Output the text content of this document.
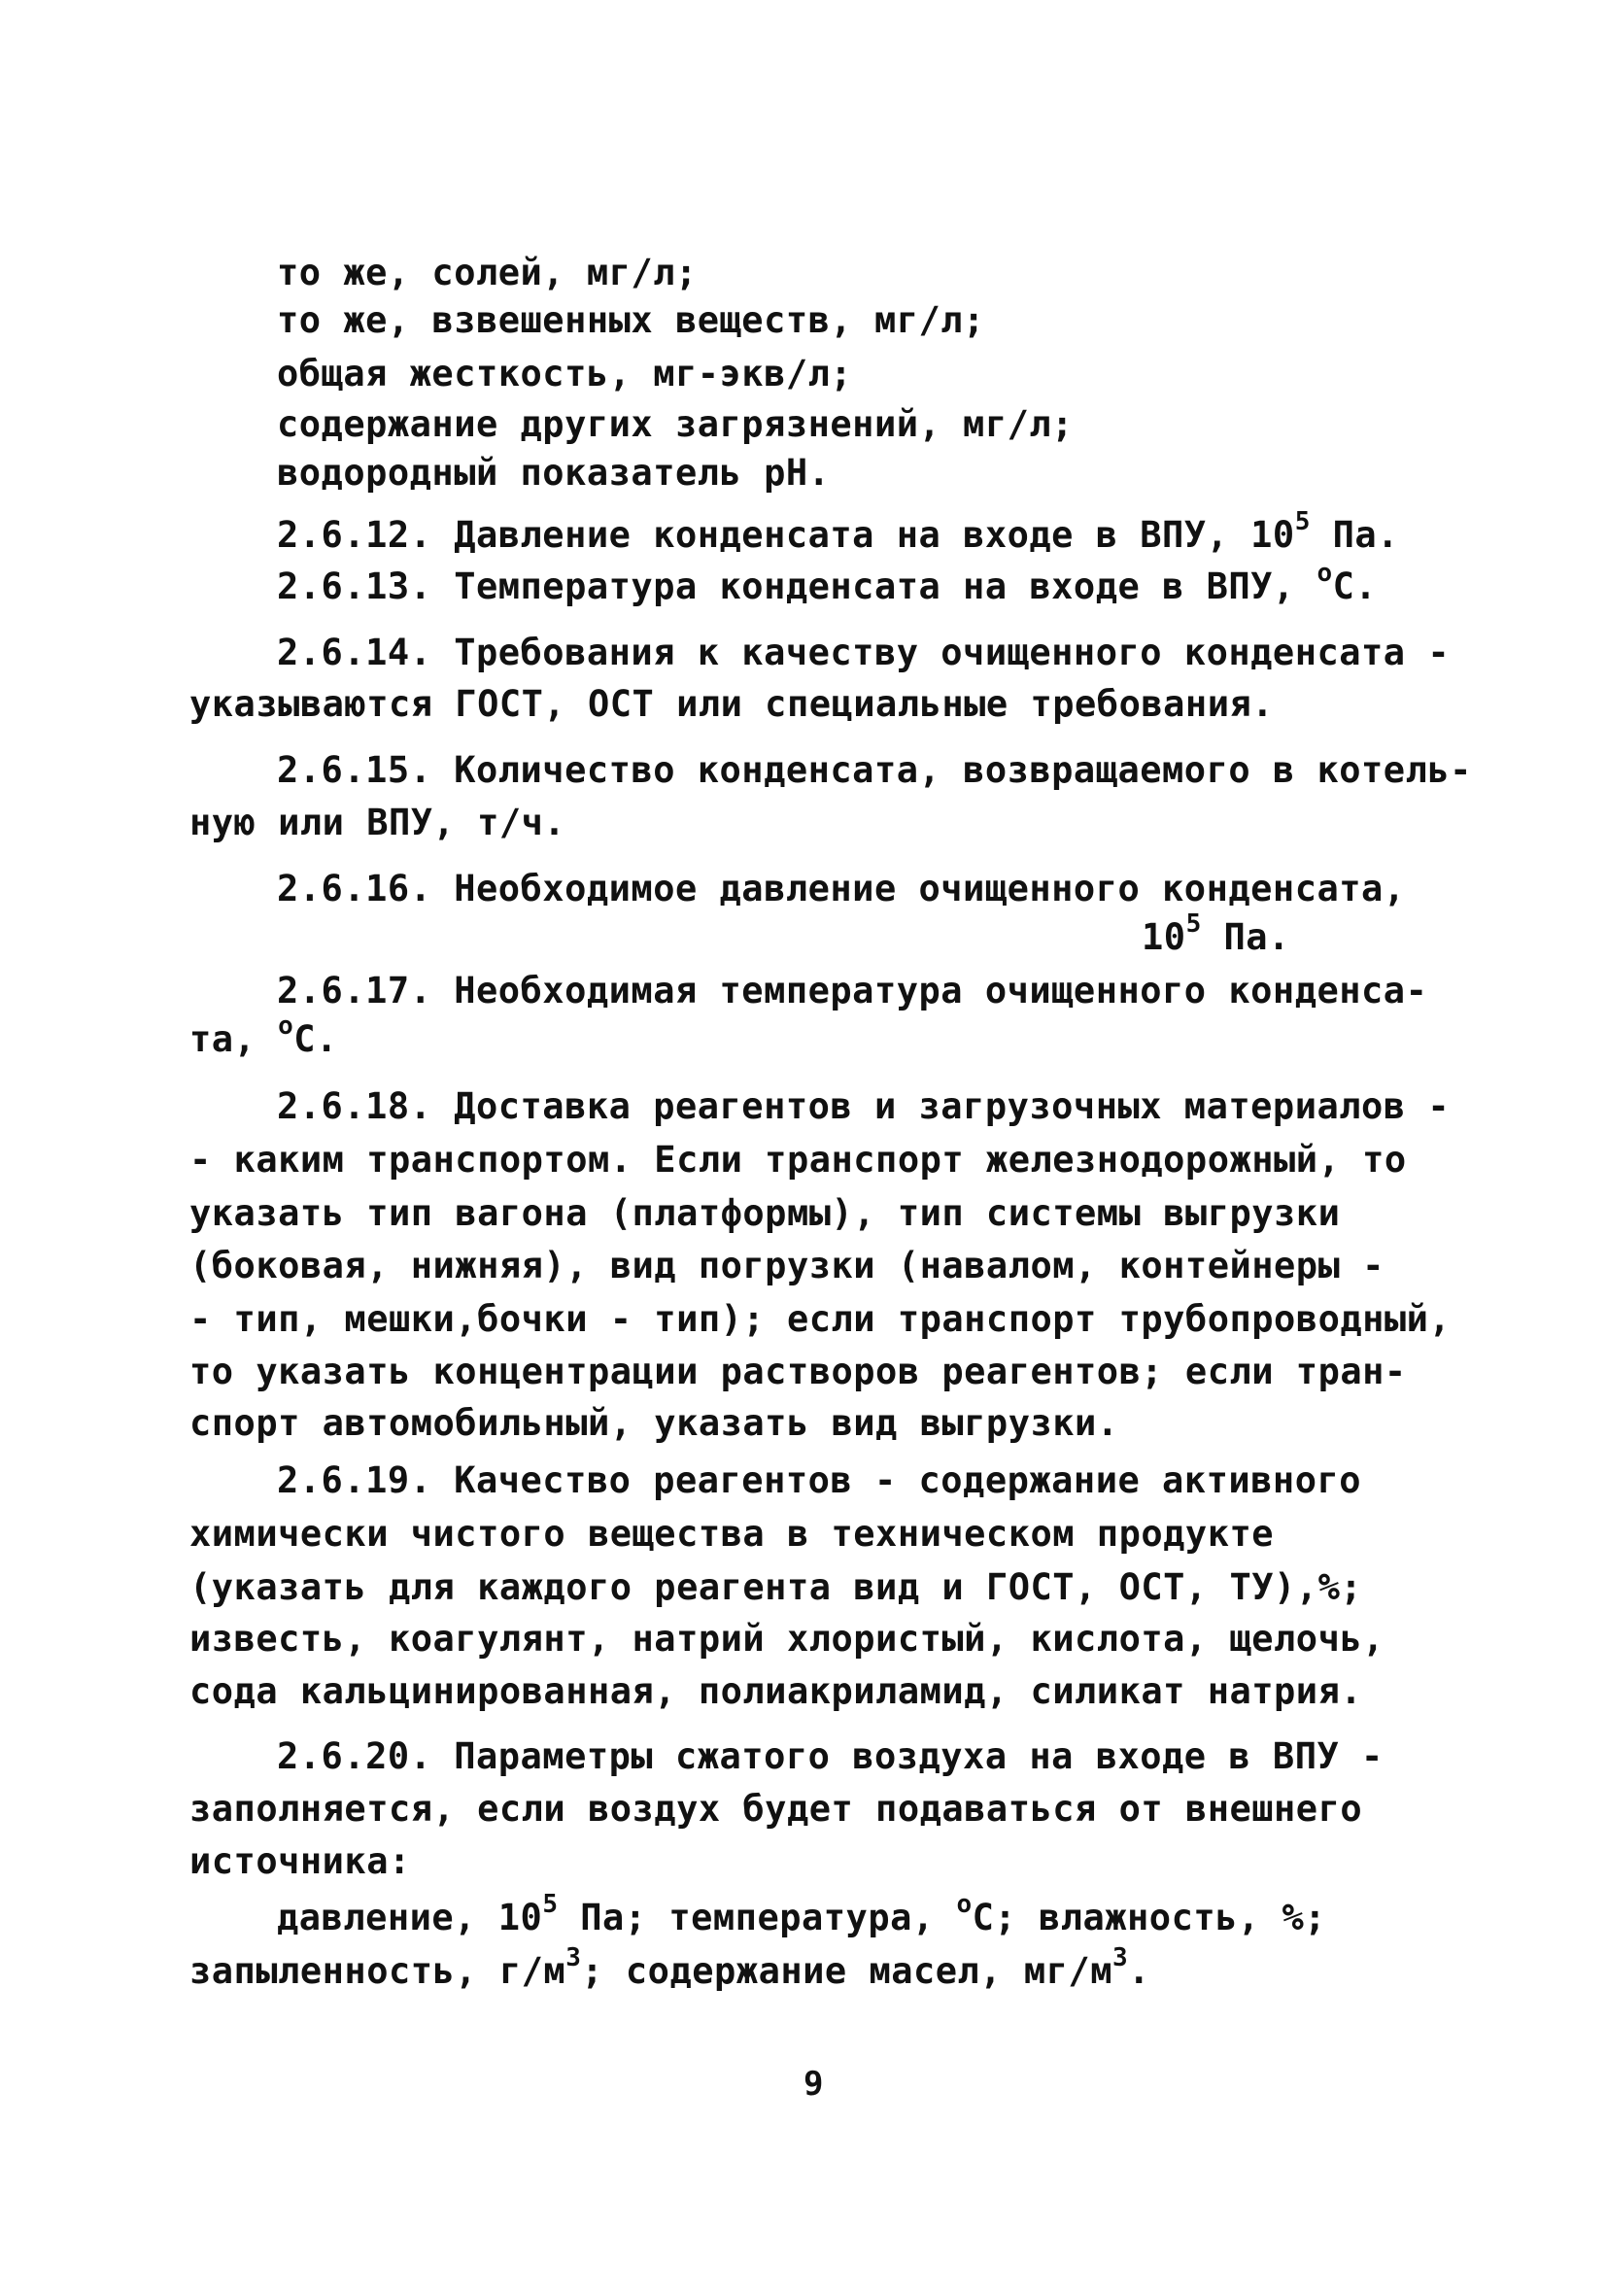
то же, солей, мг/л;
то же, взвешенных веществ, мг/л;
общая жесткость, мг-экв/л;
содержание других загрязнений, мг/л;
водородный показатель рН.
2.6.12. Давление конденсата на входе в ВПУ, $10^5$ Па.
2.6.13. Температура конденсата на входе в ВПУ, $^о$С.
2.6.14. Требования к качеству очищенного конденсата -
указываются ГОСТ, ОСТ или специальные требования.
2.6.15. Количество конденсата, возвращаемого в котель-
ную или ВПУ, т/ч.
2.6.16. Необходимое давление очищенного конденсата,
$10^5$ Па.
2.6.17. Необходимая температура очищенного конденса-
та, $^о$С.
2.6.18. Доставка реагентов и загрузочных материалов -
- каким транспортом. Если транспорт железнодорожный, то
указать тип вагона (платформы), тип системы выгрузки
(боковая, нижняя), вид погрузки (навалом, контейнеры -
- тип, мешки,бочки - тип); если транспорт трубопроводный,
то указать концентрации растворов реагентов; если тран-
спорт автомобильный, указать вид выгрузки.
2.6.19. Качество реагентов - содержание активного
химически чистого вещества в техническом продукте
(указать для каждого реагента вид и ГОСТ, ОСТ, ТУ),%;
известь, коагулянт, натрий хлористый, кислота, щелочь,
сода кальцинированная, полиакриламид, силикат натрия.
2.6.20. Параметры сжатого воздуха на входе в ВПУ -
заполняется, если воздух будет подаваться от внешнего
источника:
давление, $10^5$ Па; температура, $^о$С; влажность, %;
запыленность, $г/м^3$; содержание масел, $мг/м^3$.
9
